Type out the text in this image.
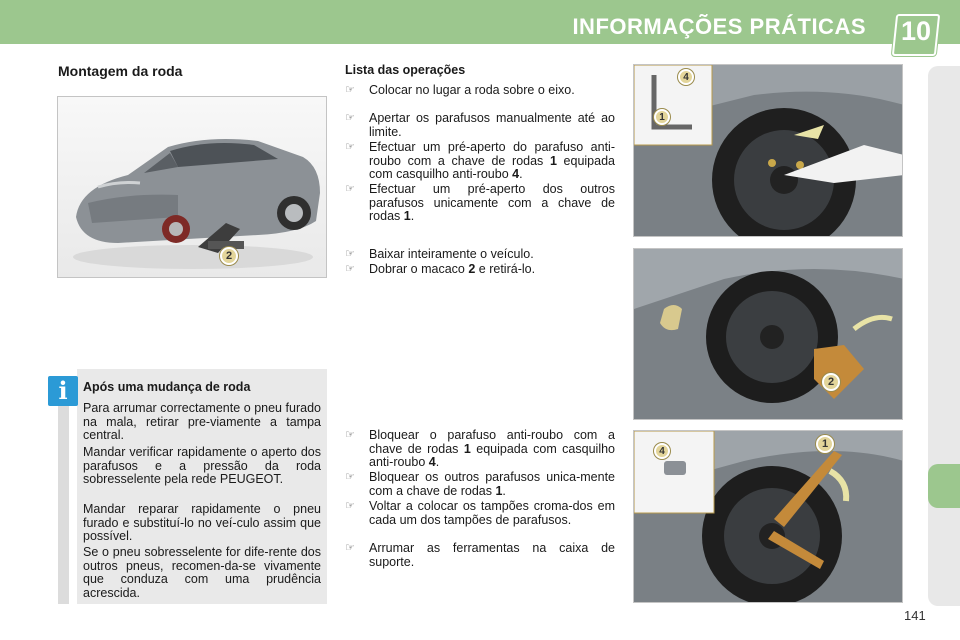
INFORMAÇÕES PRÁTICAS 10
Montagem da roda
2
i	Após uma mudança de roda
Para arrumar correctamente o pneu furado na mala, retirar pre-viamente a tampa central.
Mandar verificar rapidamente o aperto dos parafusos e a pressão da roda sobresselente pela rede PEUGEOT.
Mandar reparar rapidamente o pneu furado e substituí-lo no veí-culo assim que possível.
Se o pneu sobresselente for dife-rente dos outros pneus, recomen-da-se vivamente que conduza com uma prudência acrescida.
Lista das operações
☞	Colocar no lugar a roda sobre o eixo.
☞	Apertar os parafusos manualmente até ao limite.
☞	Efectuar um pré-aperto do parafuso anti-roubo com a chave de rodas 1 equipada com casquilho anti-roubo 4.
☞	Efectuar um pré-aperto dos outros parafusos unicamente com a chave de rodas 1.
☞	Baixar inteiramente o veículo.
☞	Dobrar o macaco 2 e retirá-lo.
☞	Bloquear o parafuso anti-roubo com a chave de rodas 1 equipada com casquilho anti-roubo 4.
☞	Bloquear os outros parafusos unica-mente com a chave de rodas 1.
☞	Voltar a colocar os tampões croma-dos em cada um dos tampões de parafusos.
☞	Arrumar as ferramentas na caixa de suporte.
4
1
2
4
1
141
carmanualsonline.info
